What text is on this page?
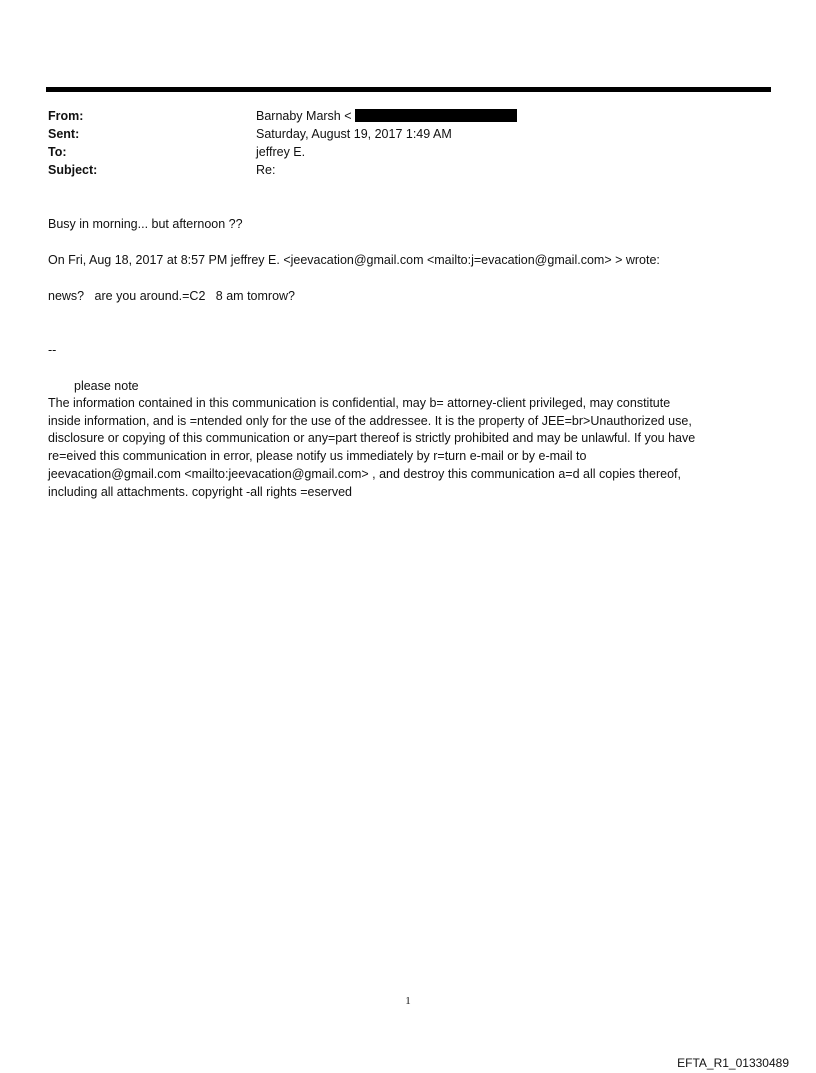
From:	Barnaby Marsh <
Sent:	Saturday, August 19, 2017 1:49 AM
To:	jeffrey E.
Subject:	Re:
Busy in morning... but afternoon ??
On Fri, Aug 18, 2017 at 8:57 PM jeffrey E. <jeevacation@gmail.com <mailto:j=evacation@gmail.com> > wrote:
news?   are you around.=C2   8 am tomrow?
--
please note
The information contained in this communication is confidential, may b= attorney-client privileged, may constitute
inside information, and is =ntended only for the use of the addressee. It is the property of JEE=br>Unauthorized use,
disclosure or copying of this communication or any=part thereof is strictly prohibited and may be unlawful. If you have
re=eived this communication in error, please notify us immediately by r=turn e-mail or by e-mail to
jeevacation@gmail.com <mailto:jeevacation@gmail.com> , and destroy this communication a=d all copies thereof,
including all attachments. copyright -all rights =eserved
1
EFTA_R1_01330489
